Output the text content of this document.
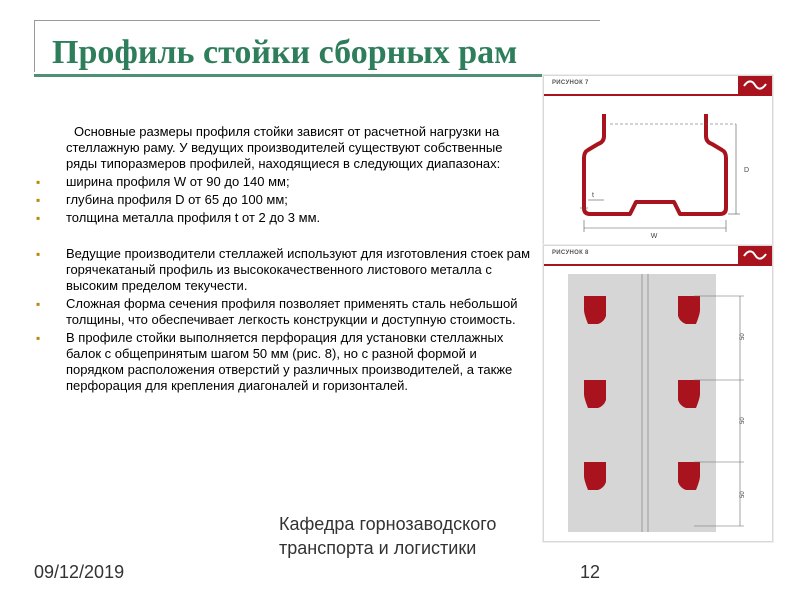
Профиль стойки сборных рам
Основные размеры профиля стойки зависят от расчетной нагрузки на стеллажную раму. У ведущих производителей существуют собственные ряды типоразмеров профилей, находящиеся в следующих диапазонах:
▪ ширина профиля W от 90 до 140 мм;
▪ глубина профиля D от 65 до 100 мм;
▪ толщина металла профиля t от 2 до 3 мм.
▪ Ведущие производители стеллажей используют для изготовления стоек рам горячекатаный профиль из высококачественного листового металла с высоким пределом текучести.
▪ Сложная форма сечения профиля позволяет применять сталь небольшой толщины, что обеспечивает легкость конструкции и доступную стоимость.
▪ В профиле стойки выполняется перфорация для установки стеллажных балок с общепринятым шагом 50 мм (рис. 8), но с разной формой и порядком расположения отверстий у различных производителей, а также перфорация для крепления диагоналей и горизонталей.
РИСУНОК 7
W
D
t
РИСУНОК 8
50
50
50
09/12/2019
Кафедра горнозаводского транспорта и логистики
12
